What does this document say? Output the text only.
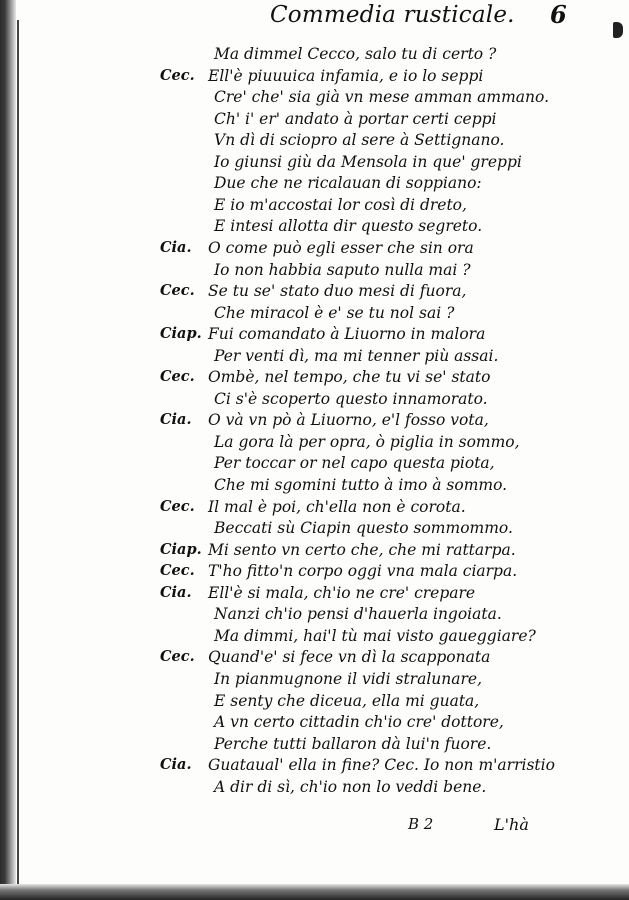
Commedia rusticale. 6
Ma dimmel Cecco, salo tu di certo ?
Cec. Ell'è piuuuica infamia, e io lo seppi
Cre' che' sia già vn mese amman ammano.
Ch' i' er' andato à portar certi ceppi
Vn dì di sciopro al sere à Settignano.
Io giunsi giù da Mensola in que' greppi
Due che ne ricalauan di soppiano:
E io m'accostai lor così di dreto,
E intesi allotta dir questo segreto.
Cia. O come può egli esser che sin ora
Io non habbia saputo nulla mai ?
Cec. Se tu se' stato duo mesi di fuora,
Che miracol è e' se tu nol sai ?
Ciap. Fui comandato à Liuorno in malora
Per venti dì, ma mi tenner più assai.
Cec. Ombè, nel tempo, che tu vi se' stato
Ci s'è scoperto questo innamorato.
Cia. O và vn pò à Liuorno, e'l fosso vota,
La gora là per opra, ò piglia in sommo,
Per toccar or nel capo questa piota,
Che mi sgomini tutto à imo à sommo.
Cec. Il mal è poi, ch'ella non è corota.
Beccati sù Ciapin questo sommommo.
Ciap. Mi sento vn certo che, che mi rattarpa.
Cec. T'ho fitto'n corpo oggi vna mala ciarpa.
Cia. Ell'è si mala, ch'io ne cre' crepare
Nanzi ch'io pensi d'hauerla ingoiata.
Ma dimmi, hai'l tù mai visto gaueggiare?
Cec. Quand'e' si fece vn dì la scapponata
In pianmugnone il vidi stralunare,
E senty che diceua, ella mi guata,
A vn certo cittadin ch'io cre' dottore,
Perche tutti ballaron dà lui'n fuore.
Cia. Guataual' ella in fine? Cec. Io non m'arristio
A dir di sì, ch'io non lo veddi bene.
B 2	L'hà
